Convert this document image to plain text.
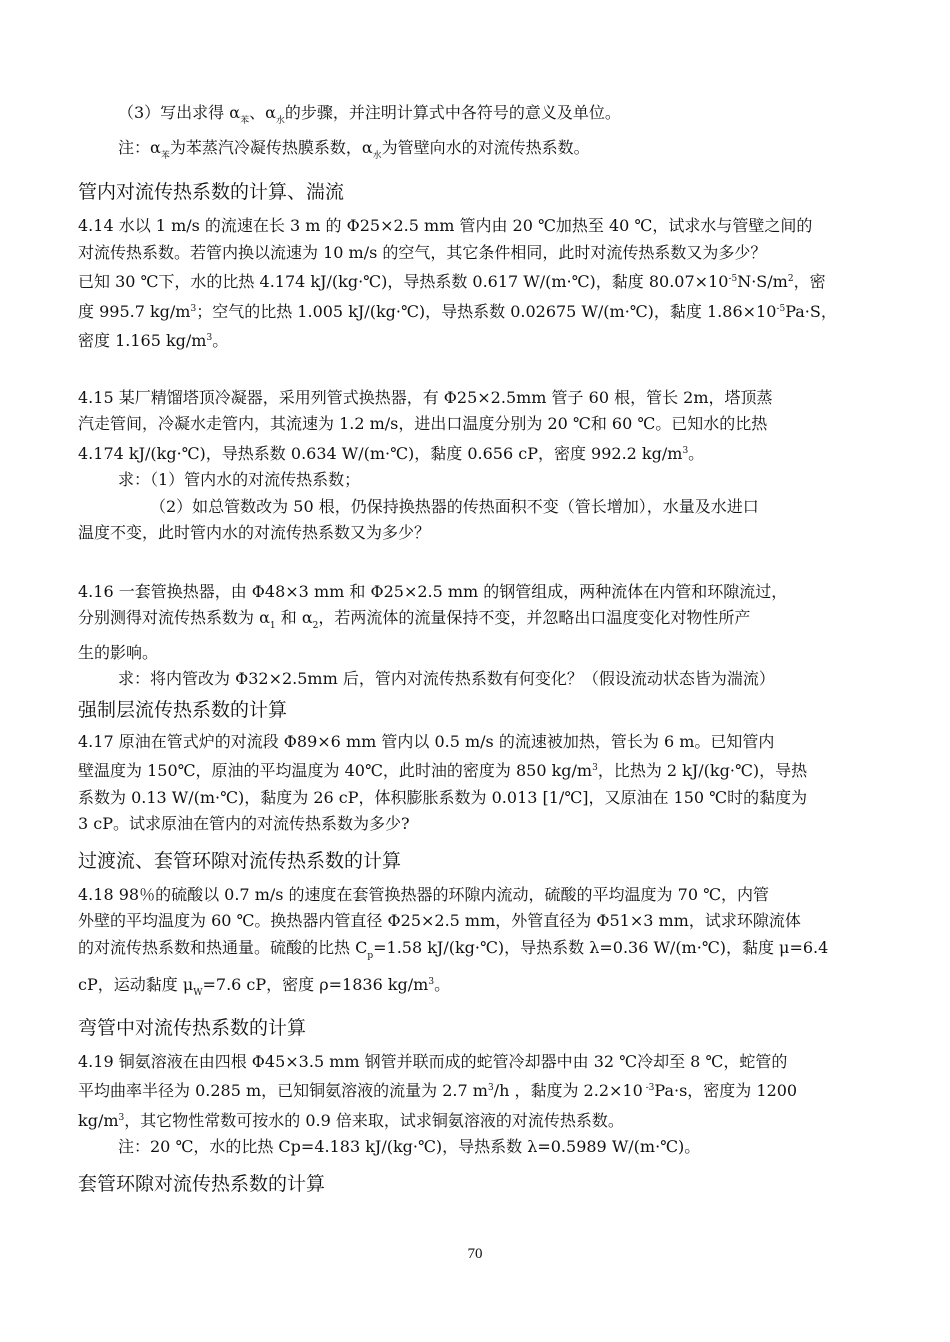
（3）写出求得 $\alpha_苯$、$\alpha_水$的步骤，并注明计算式中各符号的意义及单位。

注：$\alpha_苯$为苯蒸汽冷凝传热膜系数，$\alpha_水$为管壁向水的对流传热系数。

管内对流传热系数的计算、湍流

4.14 水以 1 m/s 的流速在长 3 m 的 Φ25×2.5 mm 管内由 20 ℃加热至 40 ℃，试求水与管壁之间的

对流传热系数。若管内换以流速为 10 m/s 的空气，其它条件相同，此时对流传热系数又为多少？

已知 30 ℃下，水的比热 4.174 kJ/(kg·℃)，导热系数 0.617 W/(m·℃)，黏度 $80.07\times 10^{-5}N\cdot S/m^2$，密

度 995.7 $kg/m^3$；空气的比热 1.005 kJ/(kg·℃)，导热系数 0.02675 W/(m·℃)，黏度 $1.86\times 10^{-5}Pa\cdot S$，

密度 1.165 $kg/m^3$。

4.15 某厂精馏塔顶冷凝器，采用列管式换热器，有 Φ25×2.5mm 管子 60 根，管长 2m，塔顶蒸

汽走管间，冷凝水走管内，其流速为 1.2 m/s，进出口温度分别为 20 ℃和 60 ℃。已知水的比热

4.174 kJ/(kg·℃)，导热系数 0.634 W/(m·℃)，黏度 0.656 cP，密度 992.2 $kg/m^3$。

求：（1）管内水的对流传热系数；

（2）如总管数改为 50 根，仍保持换热器的传热面积不变（管长增加），水量及水进口

温度不变，此时管内水的对流传热系数又为多少？

4.16 一套管换热器，由 Φ48×3 mm 和 Φ25×2.5 mm 的钢管组成，两种流体在内管和环隙流过，

分别测得对流传热系数为 $\alpha_1$ 和 $\alpha_2$，若两流体的流量保持不变，并忽略出口温度变化对物性所产

生的影响。

求：将内管改为 Φ32×2.5mm 后，管内对流传热系数有何变化？（假设流动状态皆为湍流）

强制层流传热系数的计算

4.17 原油在管式炉的对流段 Φ89×6 mm 管内以 0.5 m/s 的流速被加热，管长为 6 m。已知管内

壁温度为 150℃，原油的平均温度为 40℃，此时油的密度为 850 $kg/m^3$，比热为 2 kJ/(kg·℃)，导热

系数为 0.13 W/(m·℃)，黏度为 26 cP，体积膨胀系数为 0.013 [1/℃]，又原油在 150 ℃时的黏度为

3 cP。试求原油在管内的对流传热系数为多少?

过渡流、套管环隙对流传热系数的计算

4.18 98％的硫酸以 0.7 m/s 的速度在套管换热器的环隙内流动，硫酸的平均温度为 70 ℃，内管

外壁的平均温度为 60 ℃。换热器内管直径 Φ25×2.5 mm，外管直径为 Φ51×3 mm，试求环隙流体

的对流传热系数和热通量。硫酸的比热 $C_p=1.58$ kJ/(kg·℃)，导热系数 λ=0.36 W/(m·℃)，黏度 μ=6.4

cP，运动黏度 $\mu_W=7.6$ cP，密度 ρ=1836 $kg/m^3$。

弯管中对流传热系数的计算

4.19 铜氨溶液在由四根 Φ45×3.5 mm 钢管并联而成的蛇管冷却器中由 32 ℃冷却至 8 ℃，蛇管的

平均曲率半径为 0.285 m，已知铜氨溶液的流量为 2.7 $m^3/h$ ，黏度为 2.2×10 $^{-3}$Pa·s，密度为 1200

$kg/m^3$，其它物性常数可按水的 0.9 倍来取，试求铜氨溶液的对流传热系数。

注：20 ℃，水的比热 Cp=4.183 kJ/(kg·℃)，导热系数 λ=0.5989 W/(m·℃)。

套管环隙对流传热系数的计算
70
